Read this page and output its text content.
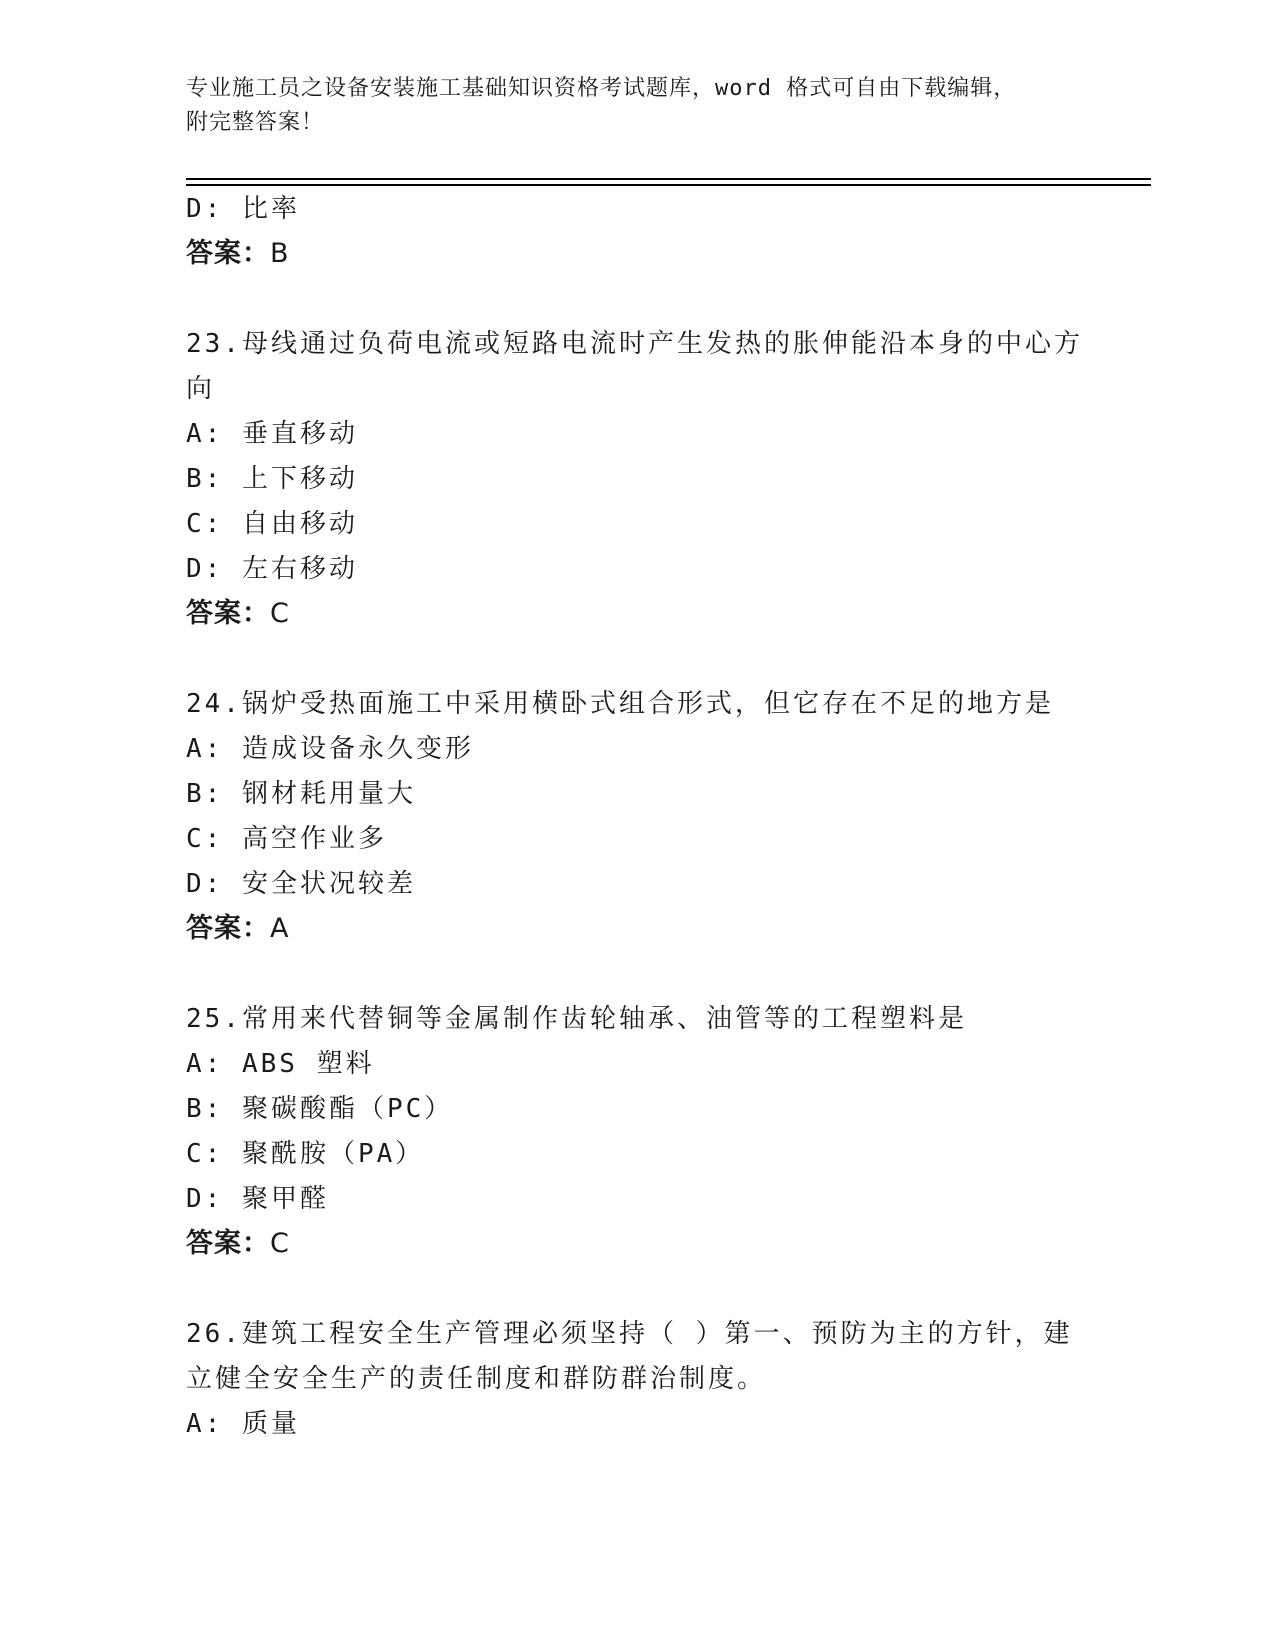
专业施工员之设备安装施工基础知识资格考试题库，word 格式可自由下载编辑，
附完整答案！
D: 比率
答案：B
23.母线通过负荷电流或短路电流时产生发热的胀伸能沿本身的中心方
向
A: 垂直移动
B: 上下移动
C: 自由移动
D: 左右移动
答案：C
24.锅炉受热面施工中采用横卧式组合形式，但它存在不足的地方是
A: 造成设备永久变形
B: 钢材耗用量大
C: 高空作业多
D: 安全状况较差
答案：A
25.常用来代替铜等金属制作齿轮轴承、油管等的工程塑料是
A: ABS 塑料
B: 聚碳酸酯（PC）
C: 聚酰胺（PA）
D: 聚甲醛
答案：C
26.建筑工程安全生产管理必须坚持（ ）第一、预防为主的方针，建
立健全安全生产的责任制度和群防群治制度。
A: 质量
